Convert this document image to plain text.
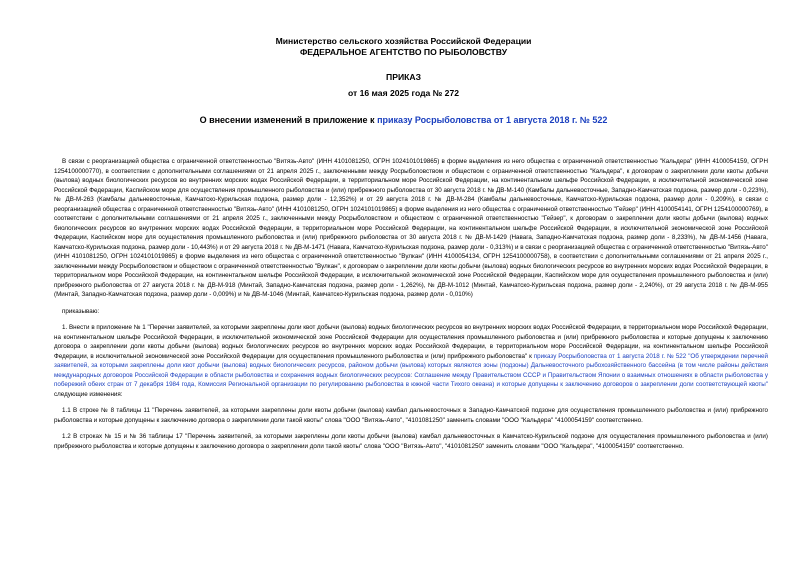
Министерство сельского хозяйства Российской Федерации
ФЕДЕРАЛЬНОЕ АГЕНТСТВО ПО РЫБОЛОВСТВУ
ПРИКАЗ
от 16 мая 2025 года № 272
О внесении изменений в приложение к приказу Росрыболовства от 1 августа 2018 г. № 522

В связи с реорганизацией общества с ограниченной ответственностью "Витязь-Авто" (ИНН 4101081250, ОГРН 1024101019865) в форме выделения из него общества с ограниченной ответственностью "Кальдера" (ИНН 4100054159, ОГРН 1254100000770), в соответствии с дополнительными соглашениями от 21 апреля 2025 г., заключенными между Росрыболовством и обществом с ограниченной ответственностью "Кальдера", к договорам о закреплении доли квоты добычи (вылова) водных биологических ресурсов во внутренних морских водах Российской Федерации, в территориальном море Российской Федерации, на континентальном шельфе Российской Федерации, в исключительной экономической зоне Российской Федерации, Каспийском море для осуществления промышленного рыболовства и (или) прибрежного рыболовства от 30 августа 2018 г. № ДВ-М-140 (Камбалы дальневосточные, Западно-Камчатская подзона, размер доли - 0,223%), № ДВ-М-263 (Камбалы дальневосточные, Камчатско-Курильская подзона, размер доли - 12,352%) и от 29 августа 2018 г. № ДВ-М-284 (Камбалы дальневосточные, Камчатско-Курильская подзона, размер доли - 0,209%), в связи с реорганизацией общества с ограниченной ответственностью "Витязь-Авто" (ИНН 4101081250, ОГРН 1024101019865) в форме выделения из него общества с ограниченной ответственностью "Гейзер" (ИНН 4100054141, ОГРН 1254100000769), в соответствии с дополнительными соглашениями от 21 апреля 2025 г., заключенными между Росрыболовством и обществом с ограниченной ответственностью "Гейзер", к договорам о закреплении доли квоты добычи (вылова) водных биологических ресурсов во внутренних морских водах Российской Федерации, в территориальном море Российской Федерации, на континентальном шельфе Российской Федерации, в исключительной экономической зоне Российской Федерации, Каспийском море для осуществления промышленного рыболовства и (или) прибрежного рыболовства от 30 августа 2018 г. № ДВ-М-1429 (Навага, Западно-Камчатская подзона, размер доли - 8,233%), № ДВ-М-1456 (Навага, Камчатско-Курильская подзона, размер доли - 10,443%) и от 29 августа 2018 г. № ДВ-М-1471 (Навага, Камчатско-Курильская подзона, размер доли - 0,313%) и в связи с реорганизацией общества с ограниченной ответственностью "Витязь-Авто" (ИНН 4101081250, ОГРН 1024101019865) в форме выделения из него общества с ограниченной ответственностью "Вулкан" (ИНН 4100054134, ОГРН 1254100000758), в соответствии с дополнительными соглашениями от 21 апреля 2025 г., заключенными между Росрыболовством и обществом с ограниченной ответственностью "Вулкан", к договорам о закреплении доли квоты добычи (вылова) водных биологических ресурсов во внутренних морских водах Российской Федерации, в территориальном море Российской Федерации, на континентальном шельфе Российской Федерации, в исключительной экономической зоне Российской Федерации, Каспийском море для осуществления промышленного рыболовства и (или) прибрежного рыболовства от 27 августа 2018 г. № ДВ-М-918 (Минтай, Западно-Камчатская подзона, размер доли - 1,262%), № ДВ-М-1012 (Минтай, Камчатско-Курильская подзона, размер доли - 2,240%), от 29 августа 2018 г. № ДВ-М-955 (Минтай, Западно-Камчатская подзона, размер доли - 0,009%) и № ДВ-М-1046 (Минтай, Камчатско-Курильская подзона, размер доли - 0,010%)

приказываю:

1. Внести в приложение № 1 "Перечни заявителей, за которыми закреплены доли квот добычи (вылова) водных биологических ресурсов во внутренних морских водах Российской Федерации, в территориальном море Российской Федерации, на континентальном шельфе Российской Федерации, в исключительной экономической зоне Российской Федерации для осуществления промышленного рыболовства и (или) прибрежного рыболовства и которые допущены к заключению договора о закреплении доли квоты добычи (вылова) водных биологических ресурсов во внутренних морских водах Российской Федерации, в территориальном море Российской Федерации, на континентальном шельфе Российской Федерации, в исключительной экономической зоне Российской Федерации для осуществления промышленного рыболовства и (или) прибрежного рыболовства" к приказу Росрыболовства от 1 августа 2018 г. № 522 "Об утверждении перечней заявителей, за которыми закреплены доли квот добычи (вылова) водных биологических ресурсов, районом добычи (вылова) которых являются зоны (подзоны) Дальневосточного рыбохозяйственного бассейна (в том числе районы действия международных договоров Российской Федерации в области рыболовства и сохранения водных биологических ресурсов: Соглашение между Правительством СССР и Правительством Японии о взаимных отношениях в области рыболовства у побережий обеих стран от 7 декабря 1984 года, Комиссия Региональной организации по регулированию рыболовства в южной части Тихого океана) и которые допущены к заключению договоров о закреплении доли соответствующей квоты" следующие изменения:

1.1 В строке № 8 таблицы 11 "Перечень заявителей, за которыми закреплены доли квоты добычи (вылова) камбал дальневосточных в Западно-Камчатской подзоне для осуществления промышленного рыболовства и (или) прибрежного рыболовства и которые допущены к заключению договора о закреплении доли такой квоты" слова "ООО "Витязь-Авто", "4101081250" заменить словами "ООО "Кальдера" "4100054159" соответственно.

1.2 В строках № 15 и № 36 таблицы 17 "Перечень заявителей, за которыми закреплены доли квоты добычи (вылова) камбал дальневосточных в Камчатско-Курильской подзоне для осуществления промышленного рыболовства и (или) прибрежного рыболовства и которые допущены к заключению договора о закреплении доли такой квоты" слова "ООО "Витязь-Авто", "4101081250" заменить словами "ООО "Кальдера", "4100054159" соответственно.
